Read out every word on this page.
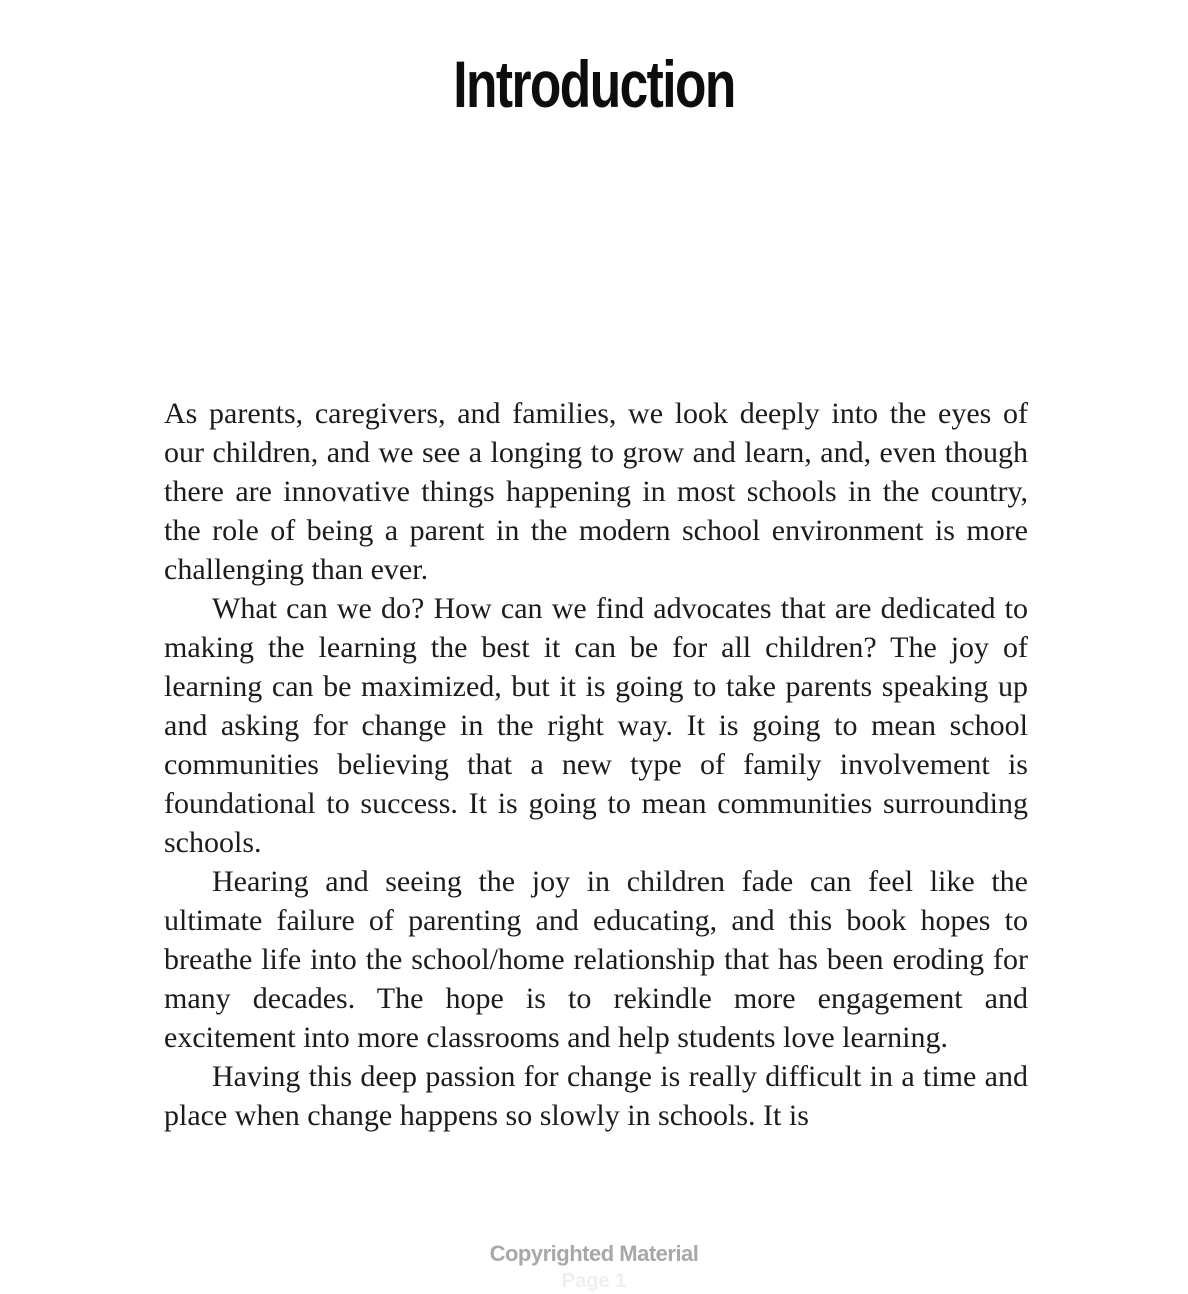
Introduction

As parents, caregivers, and families, we look deeply into the eyes of our children, and we see a longing to grow and learn, and, even though there are innovative things happening in most schools in the country, the role of being a parent in the modern school environment is more challenging than ever.

What can we do? How can we find advocates that are dedicated to making the learning the best it can be for all children? The joy of learning can be maximized, but it is going to take parents speaking up and asking for change in the right way. It is going to mean school communities believing that a new type of family involvement is foundational to success. It is going to mean communities surrounding schools.

Hearing and seeing the joy in children fade can feel like the ultimate failure of parenting and educating, and this book hopes to breathe life into the school/home relationship that has been eroding for many decades. The hope is to rekindle more engagement and excitement into more classrooms and help students love learning.

Having this deep passion for change is really difficult in a time and place when change happens so slowly in schools. It is

Copyrighted Material
Page 1
